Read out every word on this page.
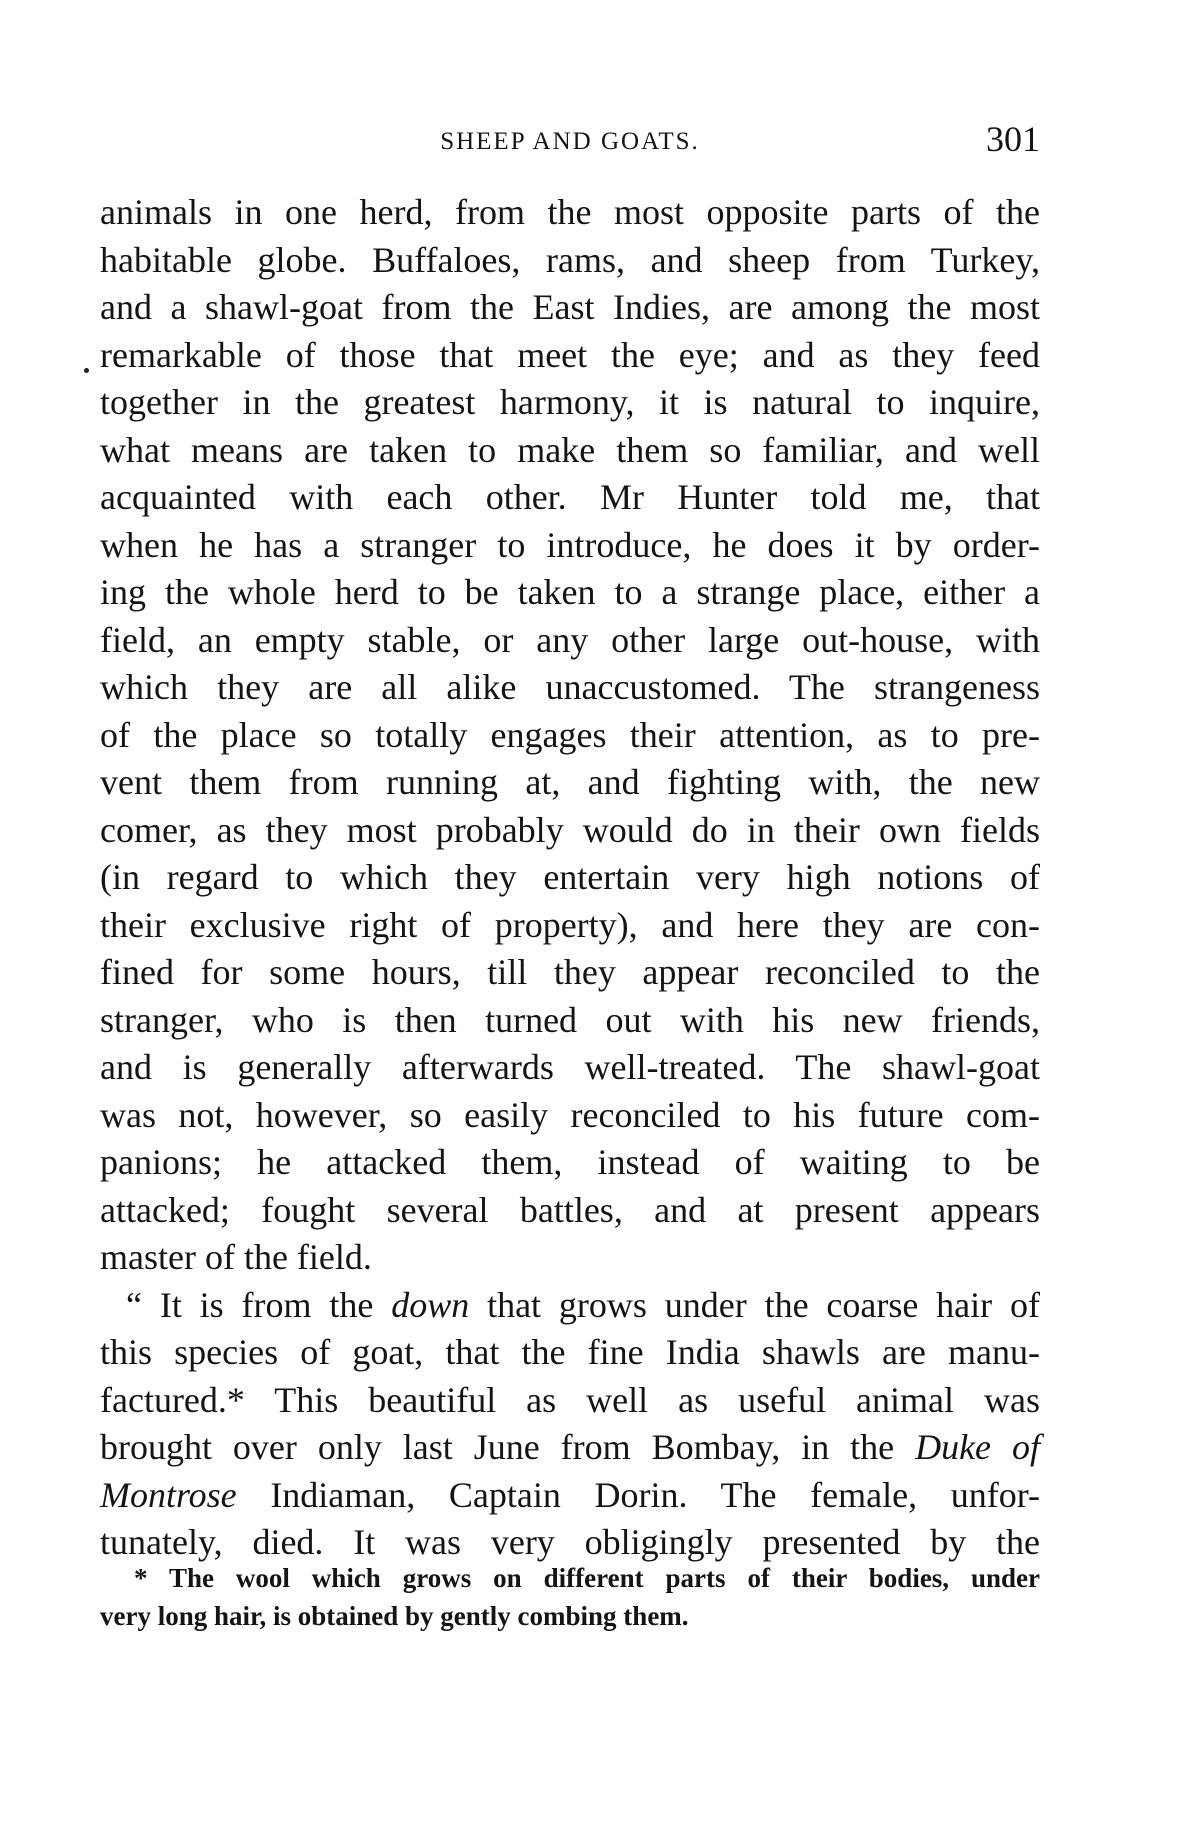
SHEEP AND GOATS.	301
animals in one herd, from the most opposite parts of the
habitable globe. Buffaloes, rams, and sheep from Turkey,
and a shawl-goat from the East Indies, are among the most
remarkable of those that meet the eye; and as they feed
together in the greatest harmony, it is natural to inquire,
what means are taken to make them so familiar, and well
acquainted with each other. Mr Hunter told me, that
when he has a stranger to introduce, he does it by order-
ing the whole herd to be taken to a strange place, either a
field, an empty stable, or any other large out-house, with
which they are all alike unaccustomed. The strangeness
of the place so totally engages their attention, as to pre-
vent them from running at, and fighting with, the new
comer, as they most probably would do in their own fields
(in regard to which they entertain very high notions of
their exclusive right of property), and here they are con-
fined for some hours, till they appear reconciled to the
stranger, who is then turned out with his new friends,
and is generally afterwards well-treated. The shawl-goat
was not, however, so easily reconciled to his future com-
panions; he attacked them, instead of waiting to be
attacked; fought several battles, and at present appears
master of the field.
“ It is from the down that grows under the coarse hair of
this species of goat, that the fine India shawls are manu-
factured.* This beautiful as well as useful animal was
brought over only last June from Bombay, in the Duke of
Montrose Indiaman, Captain Dorin. The female, unfor-
tunately, died. It was very obligingly presented by the
* The wool which grows on different parts of their bodies, under
very long hair, is obtained by gently combing them.
